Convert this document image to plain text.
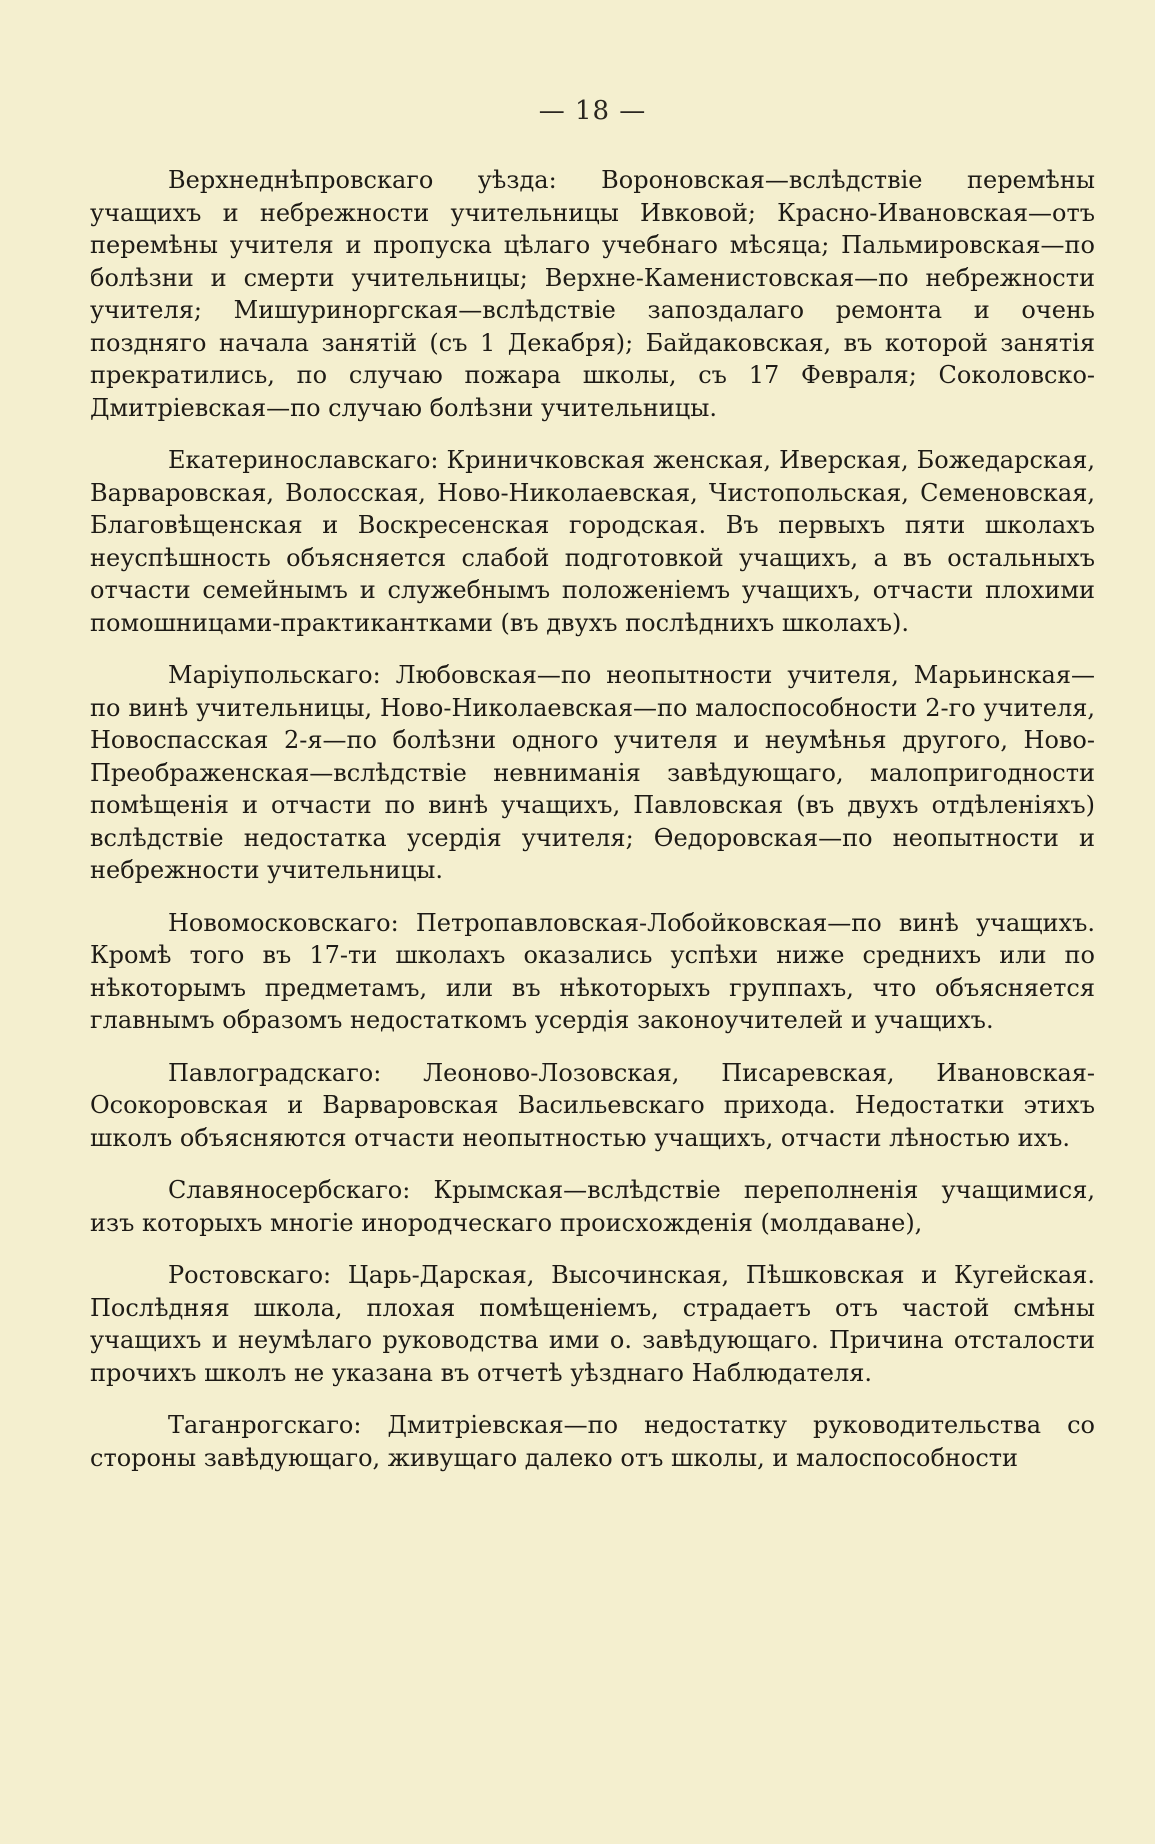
— 18 —

Верхнеднѣпровскаго уѣзда: Вороновская—вслѣдствіе перемѣны учащихъ и небрежности учительницы Ивковой; Красно-Ивановская—отъ перемѣны учителя и пропуска цѣлаго учебнаго мѣсяца; Пальмировская—по болѣзни и смерти учительницы; Верхне-Каменистовская—по небрежности учителя; Мишуриноргская—вслѣдствіе запоздалаго ремонта и очень поздняго начала занятій (съ 1 Декабря); Байдаковская, въ которой занятія прекратились, по случаю пожара школы, съ 17 Февраля; Соколовско-Дмитріевская—по случаю болѣзни учительницы.

Екатеринославскаго: Криничковская женская, Иверская, Божедарская, Варваровская, Волосская, Ново-Николаевская, Чистопольская, Семеновская, Благовѣщенская и Воскресенская городская. Въ первыхъ пяти школахъ неуспѣшность объясняется слабой подготовкой учащихъ, а въ остальныхъ отчасти семейнымъ и служебнымъ положеніемъ учащихъ, отчасти плохими помошницами-практикантками (въ двухъ послѣднихъ школахъ).

Маріупольскаго: Любовская—по неопытности учителя, Марьинская—по винѣ учительницы, Ново-Николаевская—по малоспособности 2-го учителя, Новоспасская 2-я—по болѣзни одного учителя и неумѣнья другого, Ново-Преображенская—вслѣдствіе невниманія завѣдующаго, малопригодности помѣщенія и отчасти по винѣ учащихъ, Павловская (въ двухъ отдѣленіяхъ) вслѣдствіе недостатка усердія учителя; Ѳедоровская—по неопытности и небрежности учительницы.

Новомосковскаго: Петропавловская-Лобойковская—по винѣ учащихъ. Кромѣ того въ 17-ти школахъ оказались успѣхи ниже среднихъ или по нѣкоторымъ предметамъ, или въ нѣкоторыхъ группахъ, что объясняется главнымъ образомъ недостаткомъ усердія законоучителей и учащихъ.

Павлоградскаго: Леоново-Лозовская, Писаревская, Ивановская-Осокоровская и Варваровская Васильевскаго прихода. Недостатки этихъ школъ объясняются отчасти неопытностью учащихъ, отчасти лѣностью ихъ.

Славяносербскаго: Крымская—вслѣдствіе переполненія учащимися, изъ которыхъ многіе инородческаго происхожденія (молдаване),

Ростовскаго: Царь-Дарская, Высочинская, Пѣшковская и Кугейская. Послѣдняя школа, плохая помѣщеніемъ, страдаетъ отъ частой смѣны учащихъ и неумѣлаго руководства ими о. завѣдующаго. Причина отсталости прочихъ школъ не указана въ отчетѣ уѣзднаго Наблюдателя.

Таганрогскаго: Дмитріевская—по недостатку руководительства со стороны завѣдующаго, живущаго далеко отъ школы, и малоспособности
